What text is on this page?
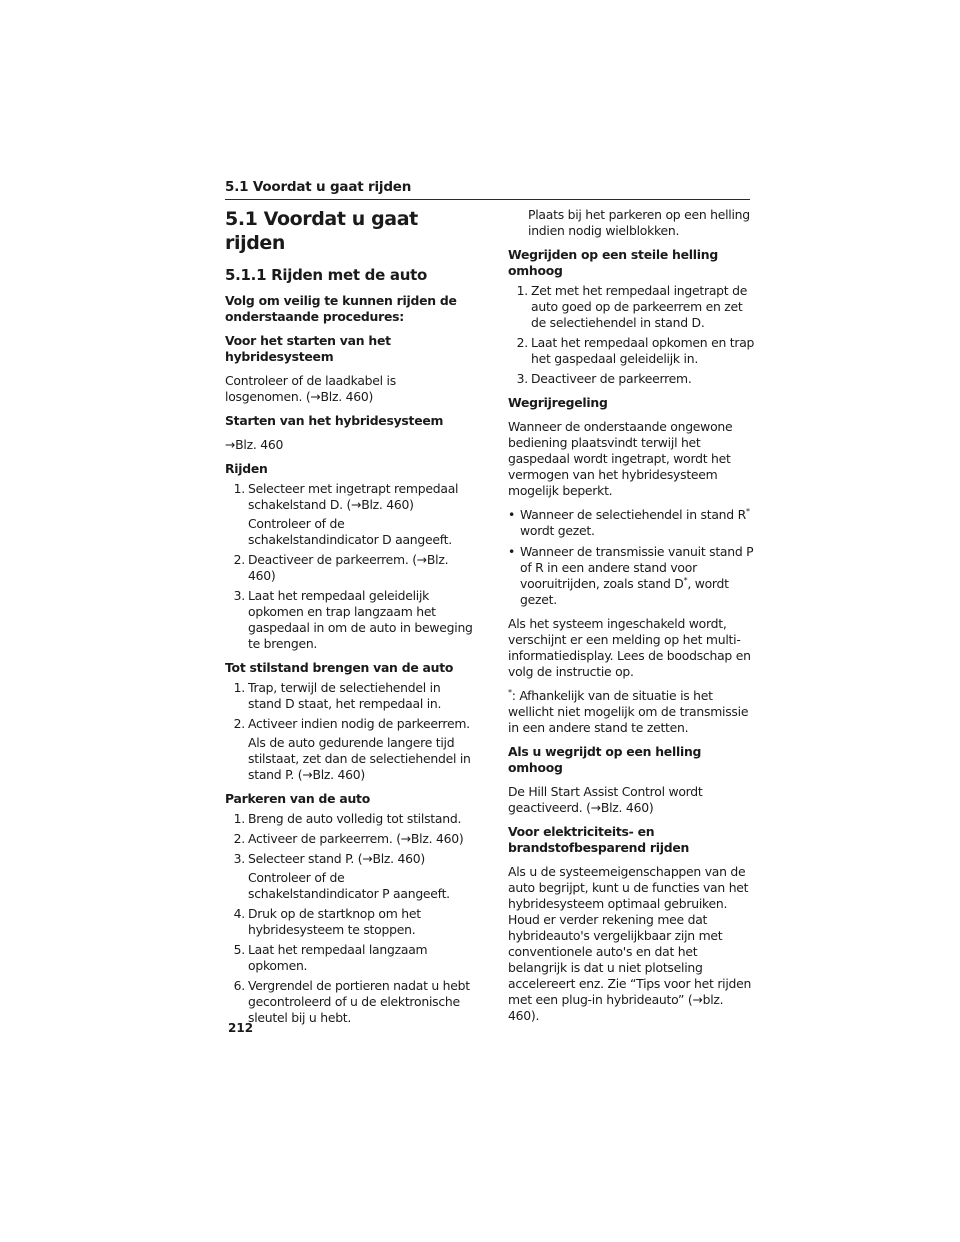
5.1 Voordat u gaat rijden
5.1 Voordat u gaat rijden
5.1.1 Rijden met de auto
Volg om veilig te kunnen rijden de onderstaande procedures:
Voor het starten van het hybridesysteem
Controleer of de laadkabel is losgenomen. (→Blz. 460)
Starten van het hybridesysteem
→Blz. 460
Rijden
1. Selecteer met ingetrapt rempedaal schakelstand D. (→Blz. 460)
Controleer of de schakelstandindicator D aangeeft.
2. Deactiveer de parkeerrem. (→Blz. 460)
3. Laat het rempedaal geleidelijk opkomen en trap langzaam het gaspedaal in om de auto in beweging te brengen.
Tot stilstand brengen van de auto
1. Trap, terwijl de selectiehendel in stand D staat, het rempedaal in.
2. Activeer indien nodig de parkeerrem.
Als de auto gedurende langere tijd stilstaat, zet dan de selectiehendel in stand P. (→Blz. 460)
Parkeren van de auto
1. Breng de auto volledig tot stilstand.
2. Activeer de parkeerrem. (→Blz. 460)
3. Selecteer stand P. (→Blz. 460)
Controleer of de schakelstandindicator P aangeeft.
4. Druk op de startknop om het hybridesysteem te stoppen.
5. Laat het rempedaal langzaam opkomen.
6. Vergrendel de portieren nadat u hebt gecontroleerd of u de elektronische sleutel bij u hebt.
Plaats bij het parkeren op een helling indien nodig wielblokken.
Wegrijden op een steile helling omhoog
1. Zet met het rempedaal ingetrapt de auto goed op de parkeerrem en zet de selectiehendel in stand D.
2. Laat het rempedaal opkomen en trap het gaspedaal geleidelijk in.
3. Deactiveer de parkeerrem.
Wegrijregeling
Wanneer de onderstaande ongewone bediening plaatsvindt terwijl het gaspedaal wordt ingetrapt, wordt het vermogen van het hybridesysteem mogelijk beperkt.
• Wanneer de selectiehendel in stand R* wordt gezet.
• Wanneer de transmissie vanuit stand P of R in een andere stand voor vooruitrijden, zoals stand D*, wordt gezet.
Als het systeem ingeschakeld wordt, verschijnt er een melding op het multi-informatiedisplay. Lees de boodschap en volg de instructie op.
*: Afhankelijk van de situatie is het wellicht niet mogelijk om de transmissie in een andere stand te zetten.
Als u wegrijdt op een helling omhoog
De Hill Start Assist Control wordt geactiveerd. (→Blz. 460)
Voor elektriciteits- en brandstofbesparend rijden
Als u de systeemeigenschappen van de auto begrijpt, kunt u de functies van het hybridesysteem optimaal gebruiken. Houd er verder rekening mee dat hybrideauto's vergelijkbaar zijn met conventionele auto's en dat het belangrijk is dat u niet plotseling accelereert enz. Zie “Tips voor het rijden met een plug-in hybrideauto” (→blz. 460).
212
